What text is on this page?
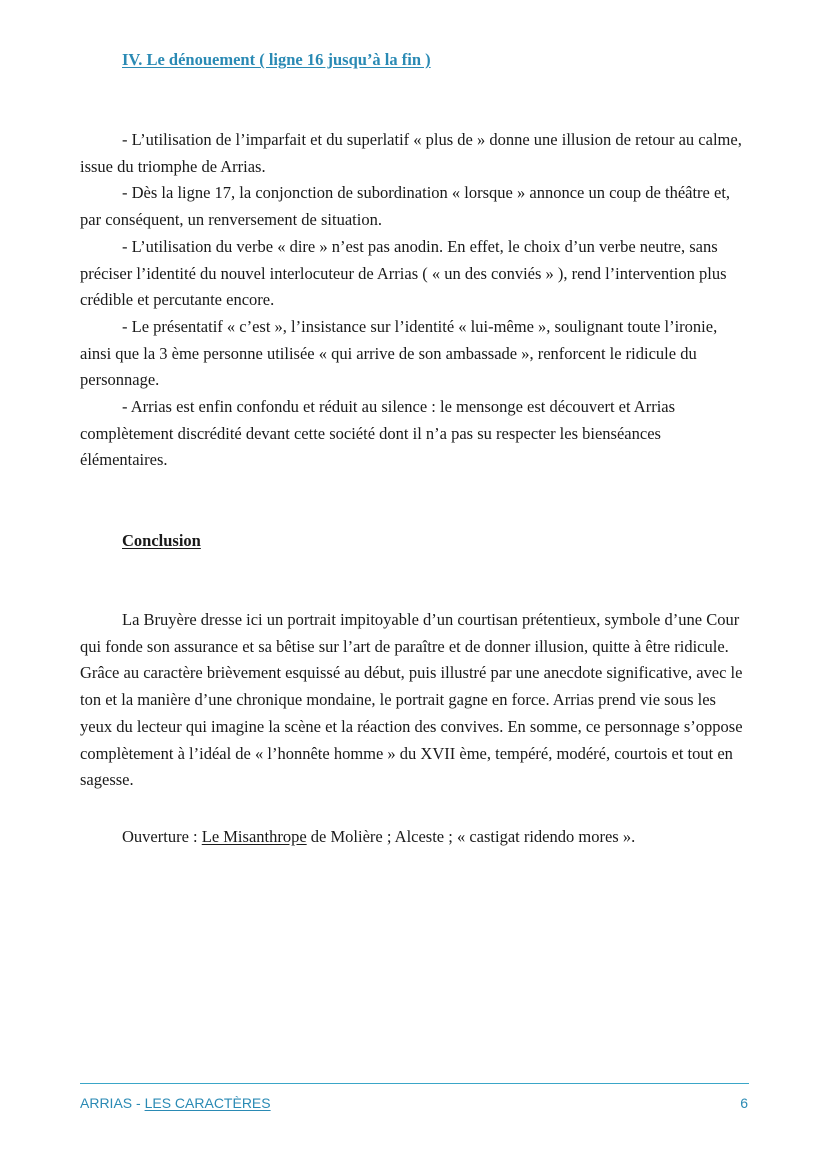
IV. Le dénouement ( ligne 16 jusqu’à la fin )

- L’utilisation de l’imparfait et du superlatif « plus de » donne une illusion de retour au calme, issue du triomphe de Arrias.

- Dès la ligne 17, la conjonction de subordination « lorsque » annonce un coup de théâtre et, par conséquent, un renversement de situation.

- L’utilisation du verbe « dire » n’est pas anodin. En effet, le choix d’un verbe neutre, sans préciser l’identité du nouvel interlocuteur de Arrias ( « un des conviés » ), rend l’intervention plus crédible et percutante encore.

- Le présentatif « c’est », l’insistance sur l’identité « lui-même », soulignant toute l’ironie, ainsi que la 3 ème personne utilisée « qui arrive de son ambassade », renforcent le ridicule du personnage.

- Arrias est enfin confondu et réduit au silence : le mensonge est découvert et Arrias complètement discrédité devant cette société dont il n’a pas su respecter les bienséances élémentaires.

Conclusion

La Bruyère dresse ici un portrait impitoyable d’un courtisan prétentieux, symbole d’une Cour qui fonde son assurance et sa bêtise sur l’art de paraître et de donner illusion, quitte à être ridicule. Grâce au caractère brièvement esquissé au début, puis illustré par une anecdote significative, avec le ton et la manière d’une chronique mondaine, le portrait gagne en force. Arrias prend vie sous les yeux du lecteur qui imagine la scène et la réaction des convives. En somme, ce personnage s’oppose complètement à l’idéal de « l’honnête homme » du XVII ème, tempéré, modéré, courtois et tout en sagesse.

Ouverture : Le Misanthrope de Molière ; Alceste ; « castigat ridendo mores ».

ARRIAS - LES CARACTÈRES	6
